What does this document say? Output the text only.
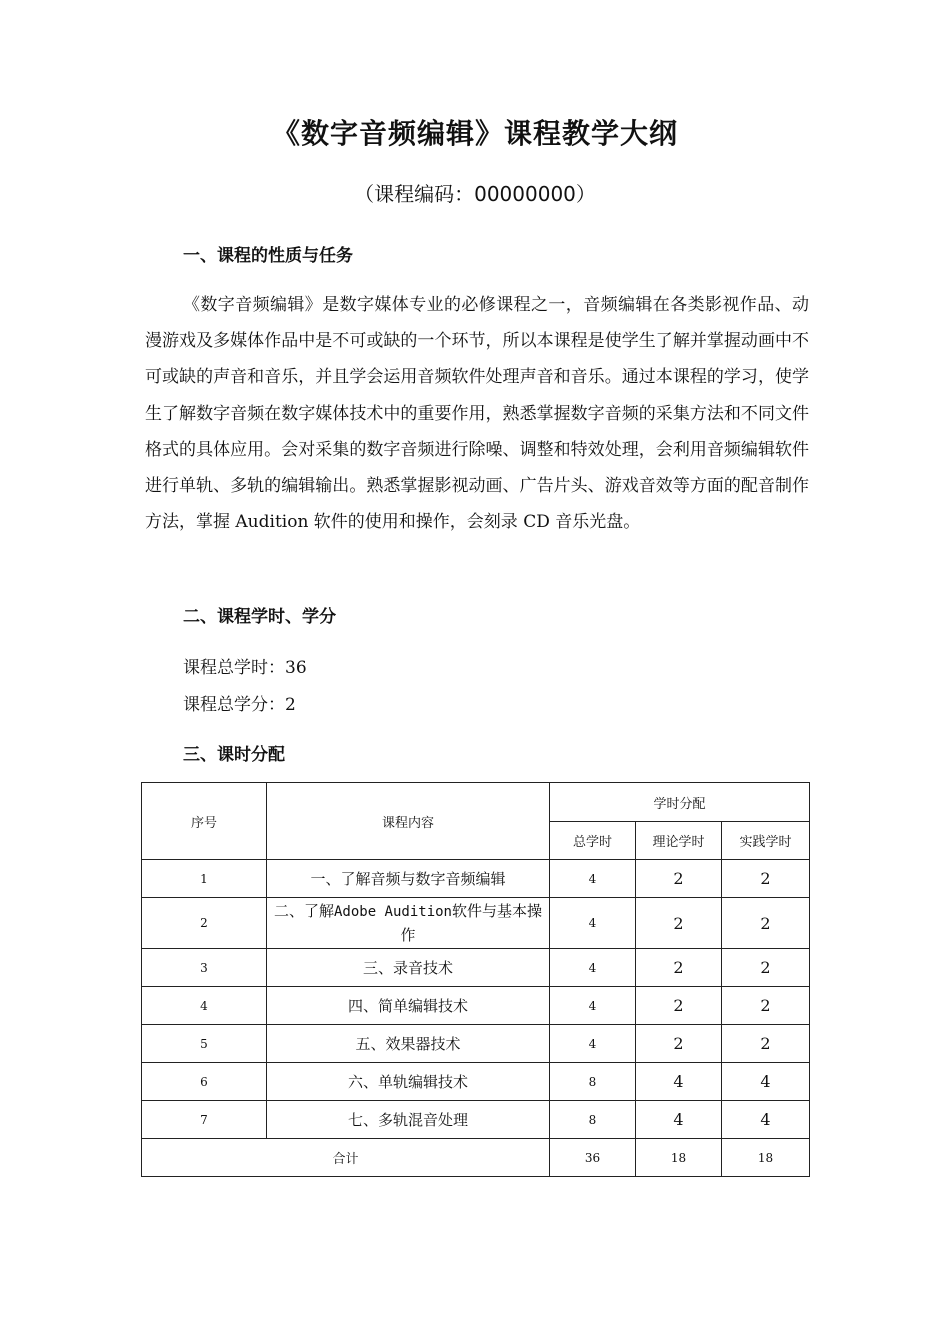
《数字音频编辑》课程教学大纲
（课程编码：00000000）
一、课程的性质与任务
《数字音频编辑》是数字媒体专业的必修课程之一，音频编辑在各类影视作品、动漫游戏及多媒体作品中是不可或缺的一个环节，所以本课程是使学生了解并掌握动画中不可或缺的声音和音乐，并且学会运用音频软件处理声音和音乐。通过本课程的学习，使学生了解数字音频在数字媒体技术中的重要作用，熟悉掌握数字音频的采集方法和不同文件格式的具体应用。会对采集的数字音频进行除噪、调整和特效处理，会利用音频编辑软件进行单轨、多轨的编辑输出。熟悉掌握影视动画、广告片头、游戏音效等方面的配音制作方法，掌握 Audition 软件的使用和操作，会刻录 CD 音乐光盘。
二、课程学时、学分
课程总学时：36
课程总学分：2
三、课时分配
序号	课程内容	学时分配		
		总学时	理论学时	实践学时
1	一、了解音频与数字音频编辑	4	2	2
2	二、了解Adobe Audition软件与基本操作	4	2	2
3	三、录音技术	4	2	2
4	四、简单编辑技术	4	2	2
5	五、效果器技术	4	2	2
6	六、单轨编辑技术	8	4	4
7	七、多轨混音处理	8	4	4
合计		36	18	18
